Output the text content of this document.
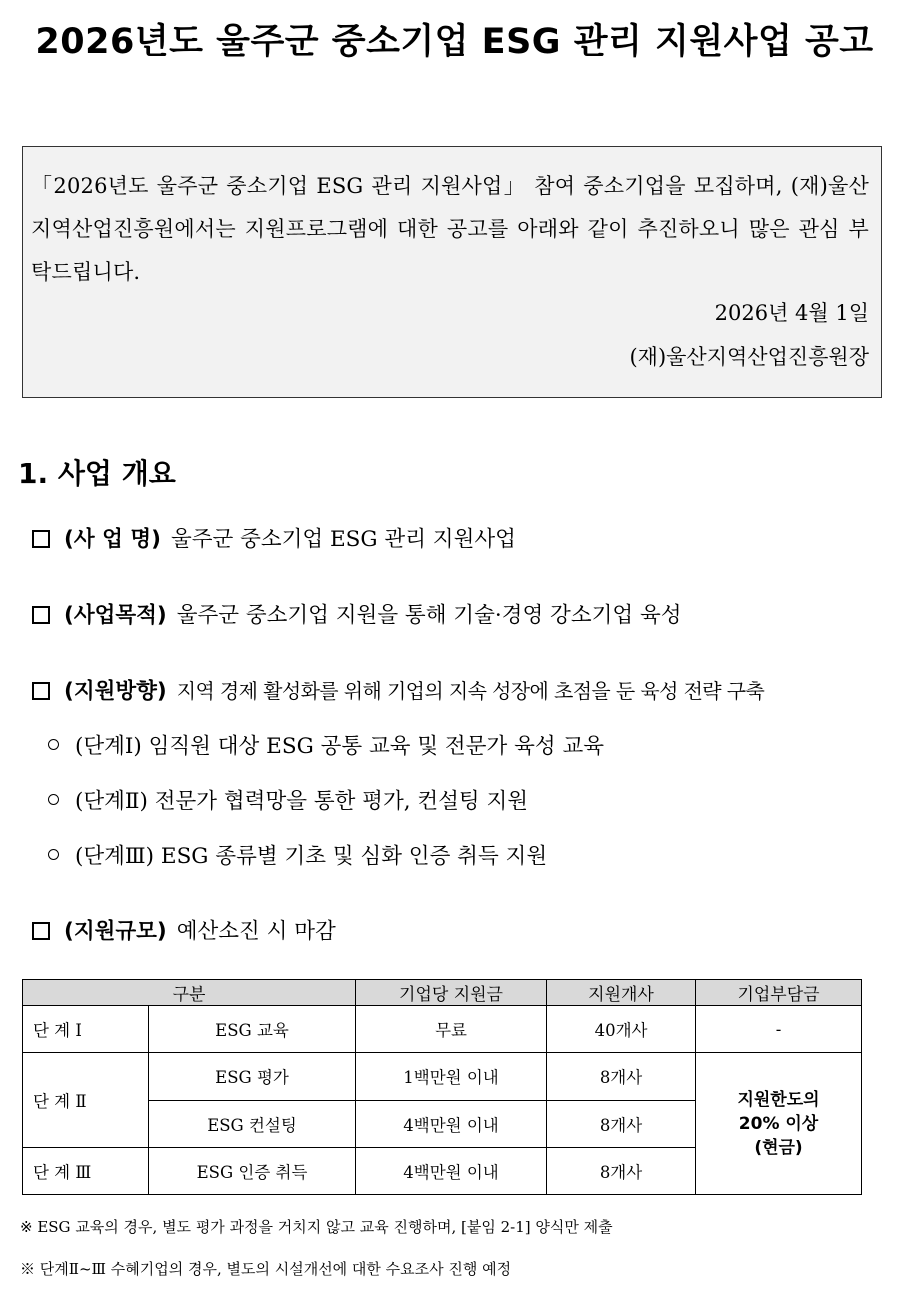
2026년도 울주군 중소기업 ESG 관리 지원사업 공고
「2026년도 울주군 중소기업 ESG 관리 지원사업」 참여 중소기업을 모집하며, (재)울산지역산업진흥원에서는 지원프로그램에 대한 공고를 아래와 같이 추진하오니 많은 관심 부탁드립니다.
2026년 4월 1일
(재)울산지역산업진흥원장
1. 사업 개요
(사 업 명) 울주군 중소기업 ESG 관리 지원사업
(사업목적) 울주군 중소기업 지원을 통해 기술·경영 강소기업 육성
(지원방향) 지역 경제 활성화를 위해 기업의 지속 성장에 초점을 둔 육성 전략 구축
(단계Ⅰ) 임직원 대상 ESG 공통 교육 및 전문가 육성 교육
(단계Ⅱ) 전문가 협력망을 통한 평가, 컨설팅 지원
(단계Ⅲ) ESG 종류별 기초 및 심화 인증 취득 지원
(지원규모) 예산소진 시 마감
구분		기업당 지원금	지원개사	기업부담금
단 계 Ⅰ	ESG 교육	무료	40개사	-
단 계 Ⅱ	ESG 평가	1백만원 이내	8개사	지원한도의
20% 이상
(현금)

	ESG 컨설팅	4백만원 이내	8개사	
단 계 Ⅲ	ESG 인증 취득	4백만원 이내	8개사	
※ ESG 교육의 경우, 별도 평가 과정을 거치지 않고 교육 진행하며, [붙임 2-1] 양식만 제출
※ 단계Ⅱ~Ⅲ 수혜기업의 경우, 별도의 시설개선에 대한 수요조사 진행 예정
